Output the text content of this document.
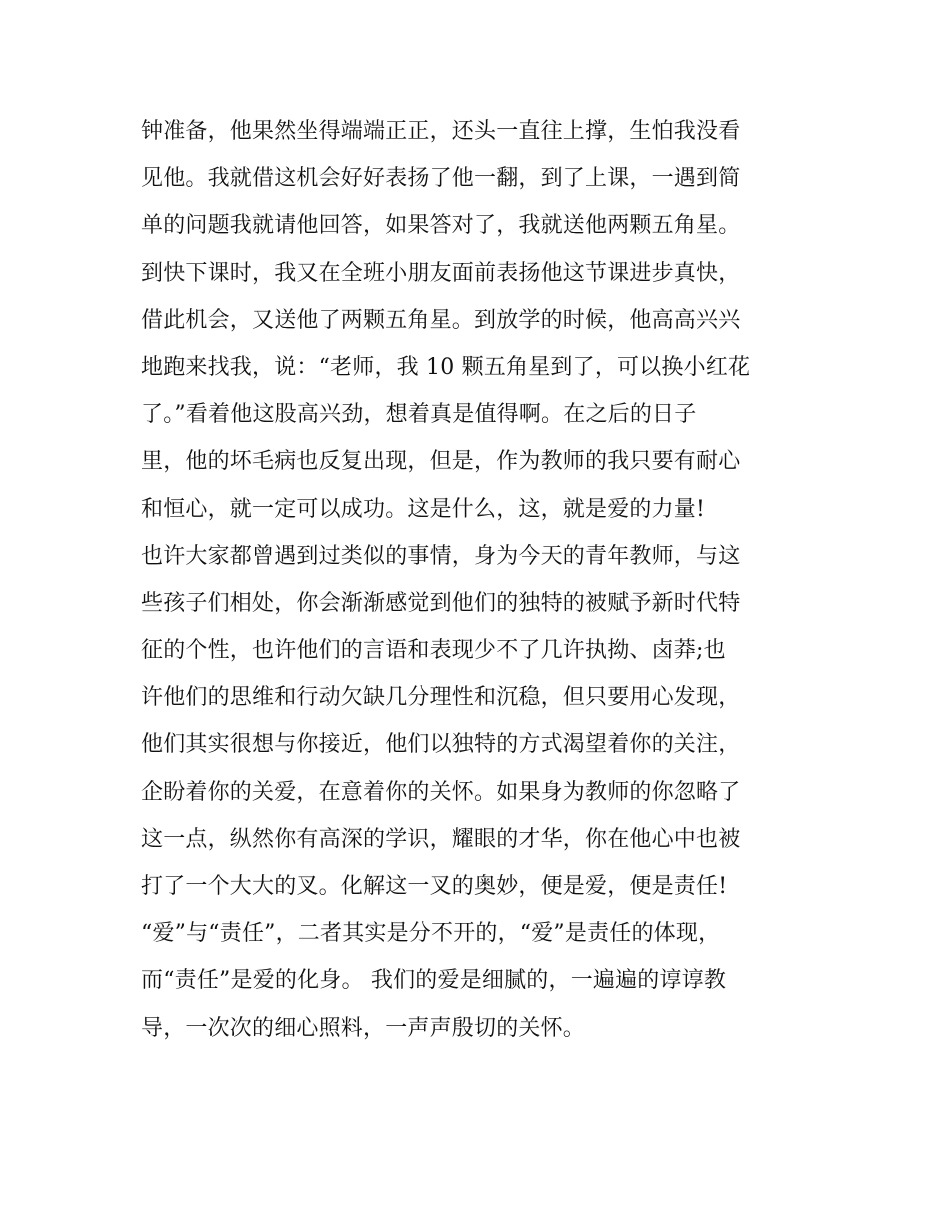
钟准备，他果然坐得端端正正，还头一直往上撑，生怕我没看
见他。我就借这机会好好表扬了他一翻，到了上课，一遇到简
单的问题我就请他回答，如果答对了，我就送他两颗五角星。
到快下课时，我又在全班小朋友面前表扬他这节课进步真快，
借此机会，又送他了两颗五角星。到放学的时候，他高高兴兴
地跑来找我，说：“老师，我 10 颗五角星到了，可以换小红花
了。”看着他这股高兴劲，想着真是值得啊。在之后的日子
里，他的坏毛病也反复出现，但是，作为教师的我只要有耐心
和恒心，就一定可以成功。这是什么，这，就是爱的力量!
也许大家都曾遇到过类似的事情，身为今天的青年教师，与这
些孩子们相处，你会渐渐感觉到他们的独特的被赋予新时代特
征的个性，也许他们的言语和表现少不了几许执拗、卤莽;也
许他们的思维和行动欠缺几分理性和沉稳，但只要用心发现，
他们其实很想与你接近，他们以独特的方式渴望着你的关注，
企盼着你的关爱，在意着你的关怀。如果身为教师的你忽略了
这一点，纵然你有高深的学识，耀眼的才华，你在他心中也被
打了一个大大的叉。化解这一叉的奥妙，便是爱，便是责任!
“爱”与“责任”，二者其实是分不开的，“爱”是责任的体现，
而“责任”是爱的化身。 我们的爱是细腻的，一遍遍的谆谆教
导，一次次的细心照料，一声声殷切的关怀。
